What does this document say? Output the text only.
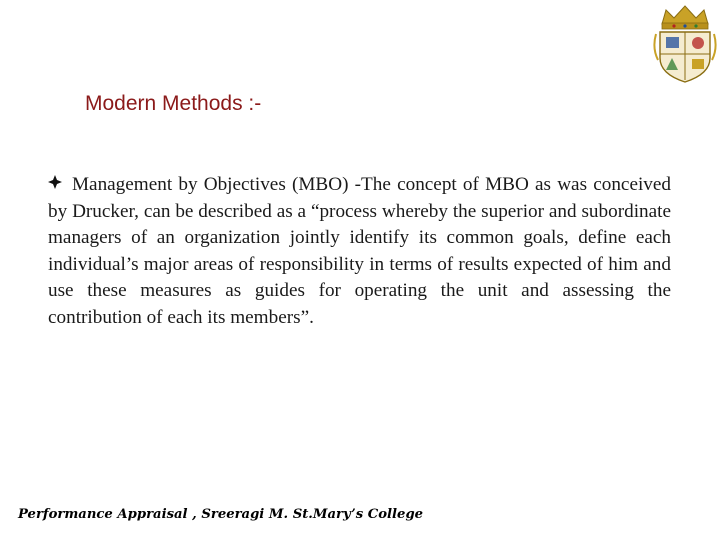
Modern Methods :-
Management by Objectives (MBO) -The concept of MBO as was conceived by Drucker, can be described as a “process whereby the superior and subordinate managers of an organization jointly identify its common goals, define each individual’s major areas of responsibility in terms of results expected of him and use these measures as guides for operating the unit and assessing the contribution of each its members”.
Performance Appraisal , Sreeragi M. St.Mary’s College
